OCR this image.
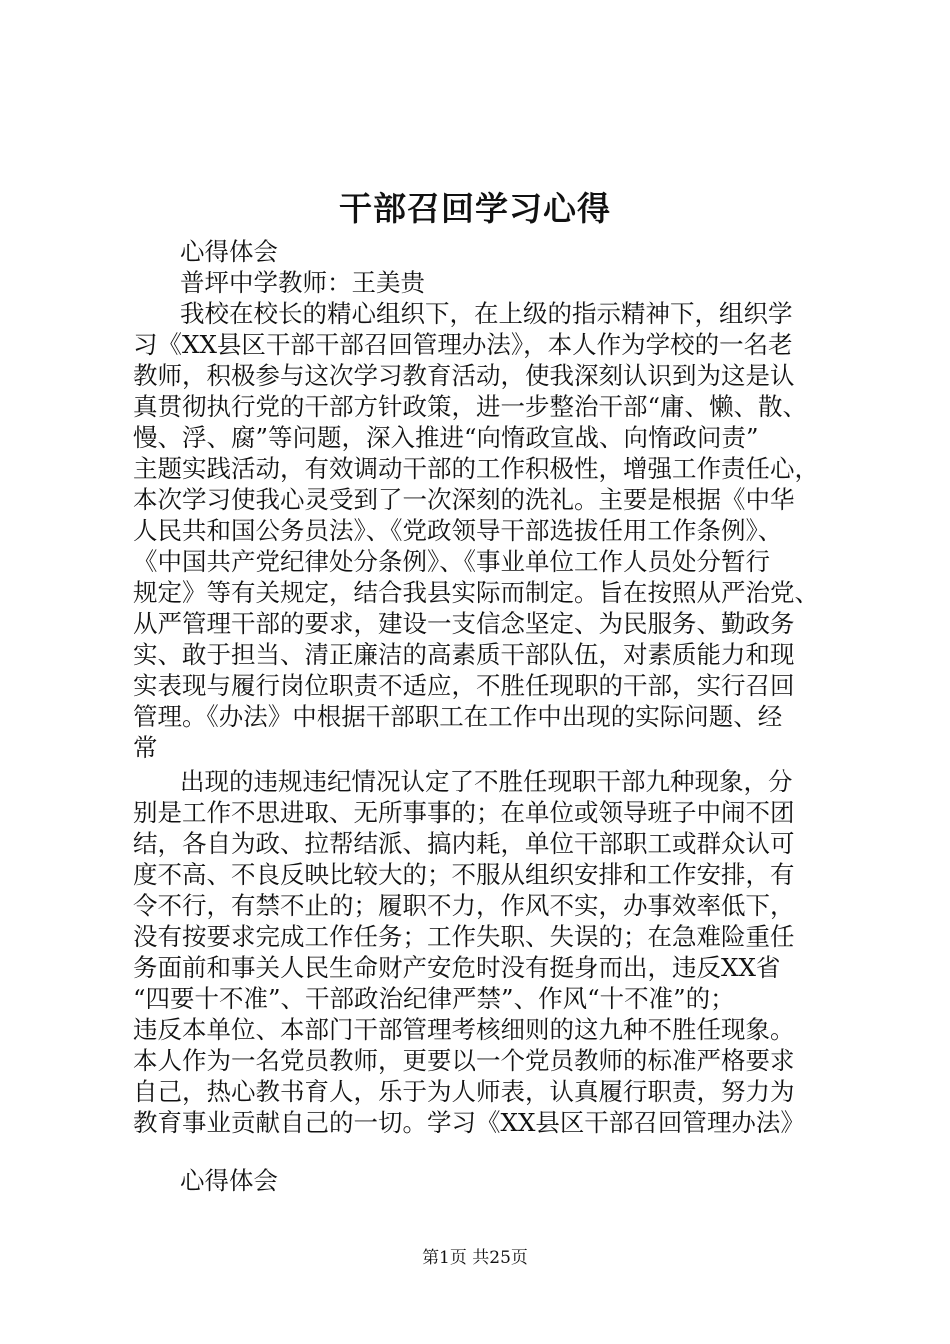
干部召回学习心得
心得体会
普坪中学教师：王美贵
我校在校长的精心组织下，在上级的指示精神下，组织学
习《XX县区干部干部召回管理办法》，本人作为学校的一名老
教师，积极参与这次学习教育活动，使我深刻认识到为这是认
真贯彻执行党的干部方针政策，进一步整治干部“庸、懒、散、
慢、浮、腐”等问题，深入推进“向惰政宣战、向惰政问责”
主题实践活动，有效调动干部的工作积极性，增强工作责任心，
本次学习使我心灵受到了一次深刻的洗礼。主要是根据《中华
人民共和国公务员法》、《党政领导干部选拔任用工作条例》、
《中国共产党纪律处分条例》、《事业单位工作人员处分暂行
规定》等有关规定，结合我县实际而制定。旨在按照从严治党、
从严管理干部的要求，建设一支信念坚定、为民服务、勤政务
实、敢于担当、清正廉洁的高素质干部队伍，对素质能力和现
实表现与履行岗位职责不适应，不胜任现职的干部，实行召回
管理。《办法》中根据干部职工在工作中出现的实际问题、经
常
出现的违规违纪情况认定了不胜任现职干部九种现象，分
别是工作不思进取、无所事事的；在单位或领导班子中闹不团
结，各自为政、拉帮结派、搞内耗，单位干部职工或群众认可
度不高、不良反映比较大的；不服从组织安排和工作安排，有
令不行，有禁不止的；履职不力，作风不实，办事效率低下，
没有按要求完成工作任务；工作失职、失误的；在急难险重任
务面前和事关人民生命财产安危时没有挺身而出，违反XX省
“四要十不准”、干部政治纪律严禁”、作风“十不准”的；
违反本单位、本部门干部管理考核细则的这九种不胜任现象。
本人作为一名党员教师，更要以一个党员教师的标准严格要求
自己，热心教书育人，乐于为人师表，认真履行职责，努力为
教育事业贡献自己的一切。学习《XX县区干部召回管理办法》
心得体会
第1页 共25页
